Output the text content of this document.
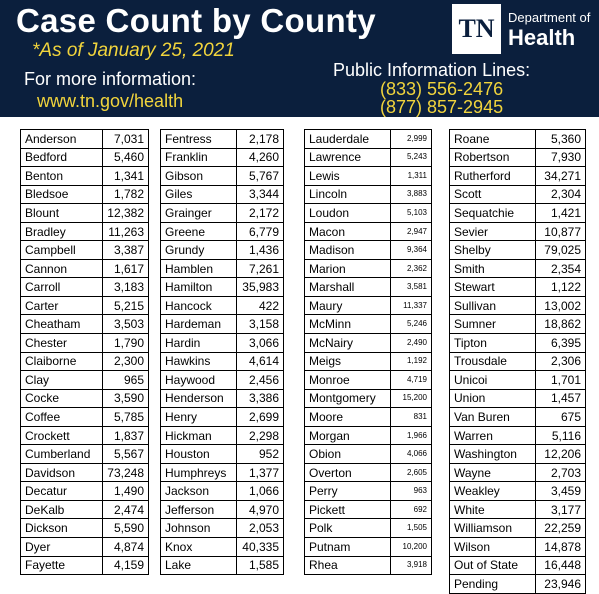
Case Count by County
*As of January 25, 2021
For more information:
www.tn.gov/health
TN	Department of
Health
Public Information Lines:
(833) 556-2476
(877) 857-2945
Anderson	7,031
Bedford	5,460
Benton	1,341
Bledsoe	1,782
Blount	12,382
Bradley	11,263
Campbell	3,387
Cannon	1,617
Carroll	3,183
Carter	5,215
Cheatham	3,503
Chester	1,790
Claiborne	2,300
Clay	965
Cocke	3,590
Coffee	5,785
Crockett	1,837
Cumberland	5,567
Davidson	73,248
Decatur	1,490
DeKalb	2,474
Dickson	5,590
Dyer	4,874
Fayette	4,159
Fentress	2,178
Franklin	4,260
Gibson	5,767
Giles	3,344
Grainger	2,172
Greene	6,779
Grundy	1,436
Hamblen	7,261
Hamilton	35,983
Hancock	422
Hardeman	3,158
Hardin	3,066
Hawkins	4,614
Haywood	2,456
Henderson	3,386
Henry	2,699
Hickman	2,298
Houston	952
Humphreys	1,377
Jackson	1,066
Jefferson	4,970
Johnson	2,053
Knox	40,335
Lake	1,585
Lauderdale	2,999
Lawrence	5,243
Lewis	1,311
Lincoln	3,883
Loudon	5,103
Macon	2,947
Madison	9,364
Marion	2,362
Marshall	3,581
Maury	11,337
McMinn	5,246
McNairy	2,490
Meigs	1,192
Monroe	4,719
Montgomery	15,200
Moore	831
Morgan	1,966
Obion	4,066
Overton	2,605
Perry	963
Pickett	692
Polk	1,505
Putnam	10,200
Rhea	3,918
Roane	5,360
Robertson	7,930
Rutherford	34,271
Scott	2,304
Sequatchie	1,421
Sevier	10,877
Shelby	79,025
Smith	2,354
Stewart	1,122
Sullivan	13,002
Sumner	18,862
Tipton	6,395
Trousdale	2,306
Unicoi	1,701
Union	1,457
Van Buren	675
Warren	5,116
Washington	12,206
Wayne	2,703
Weakley	3,459
White	3,177
Williamson	22,259
Wilson	14,878
Out of State	16,448
Pending	23,946
